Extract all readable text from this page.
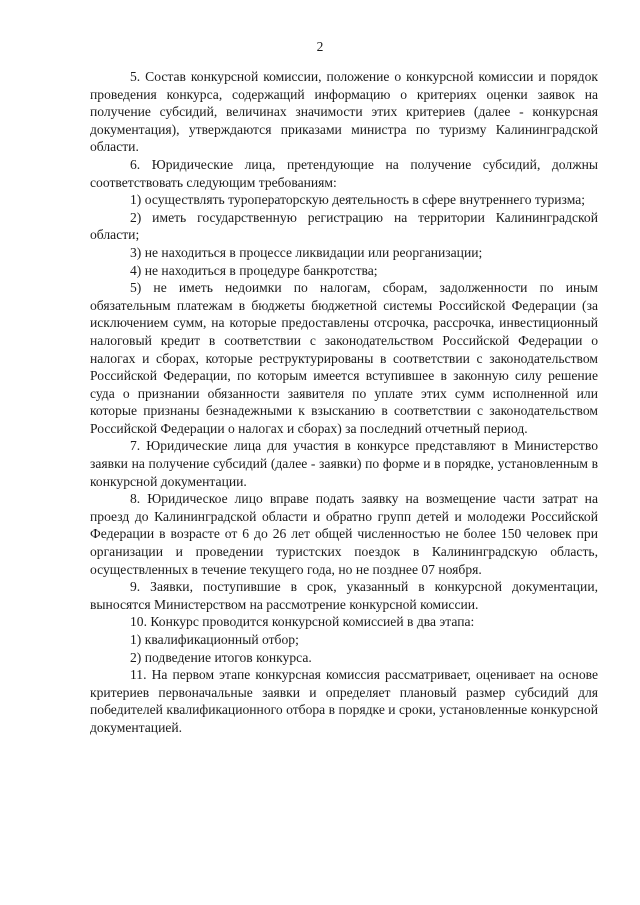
2

5. Состав конкурсной комиссии, положение о конкурсной комиссии и порядок проведения конкурса, содержащий информацию о критериях оценки заявок на получение субсидий, величинах значимости этих критериев (далее - конкурсная документация), утверждаются приказами министра по туризму Калининградской области.

6. Юридические лица, претендующие на получение субсидий, должны соответствовать следующим требованиям:

1) осуществлять туроператорскую деятельность в сфере внутреннего туризма;

2) иметь государственную регистрацию на территории Калининградской области;

3) не находиться в процессе ликвидации или реорганизации;

4) не находиться в процедуре банкротства;

5) не иметь недоимки по налогам, сборам, задолженности по иным обязательным платежам в бюджеты бюджетной системы Российской Федерации (за исключением сумм, на которые предоставлены отсрочка, рассрочка, инвестиционный налоговый кредит в соответствии с законодательством Российской Федерации о налогах и сборах, которые реструктурированы в соответствии с законодательством Российской Федерации, по которым имеется вступившее в законную силу решение суда о признании обязанности заявителя по уплате этих сумм исполненной или которые признаны безнадежными к взысканию в соответствии с законодательством Российской Федерации о налогах и сборах) за последний отчетный период.

7. Юридические лица для участия в конкурсе представляют в Министерство заявки на получение субсидий (далее - заявки) по форме и в порядке, установленным в конкурсной документации.

8. Юридическое лицо вправе подать заявку на возмещение части затрат на проезд до Калининградской области и обратно групп детей и молодежи Российской Федерации в возрасте от 6 до 26 лет общей численностью не более 150 человек при организации и проведении туристских поездок в Калининградскую область, осуществленных в течение текущего года, но не позднее 07 ноября.

9. Заявки, поступившие в срок, указанный в конкурсной документации, выносятся Министерством на рассмотрение конкурсной комиссии.

10. Конкурс проводится конкурсной комиссией в два этапа:

1) квалификационный отбор;

2) подведение итогов конкурса.

11. На первом этапе конкурсная комиссия рассматривает, оценивает на основе критериев первоначальные заявки и определяет плановый размер субсидий для победителей квалификационного отбора в порядке и сроки, установленные конкурсной документацией.
